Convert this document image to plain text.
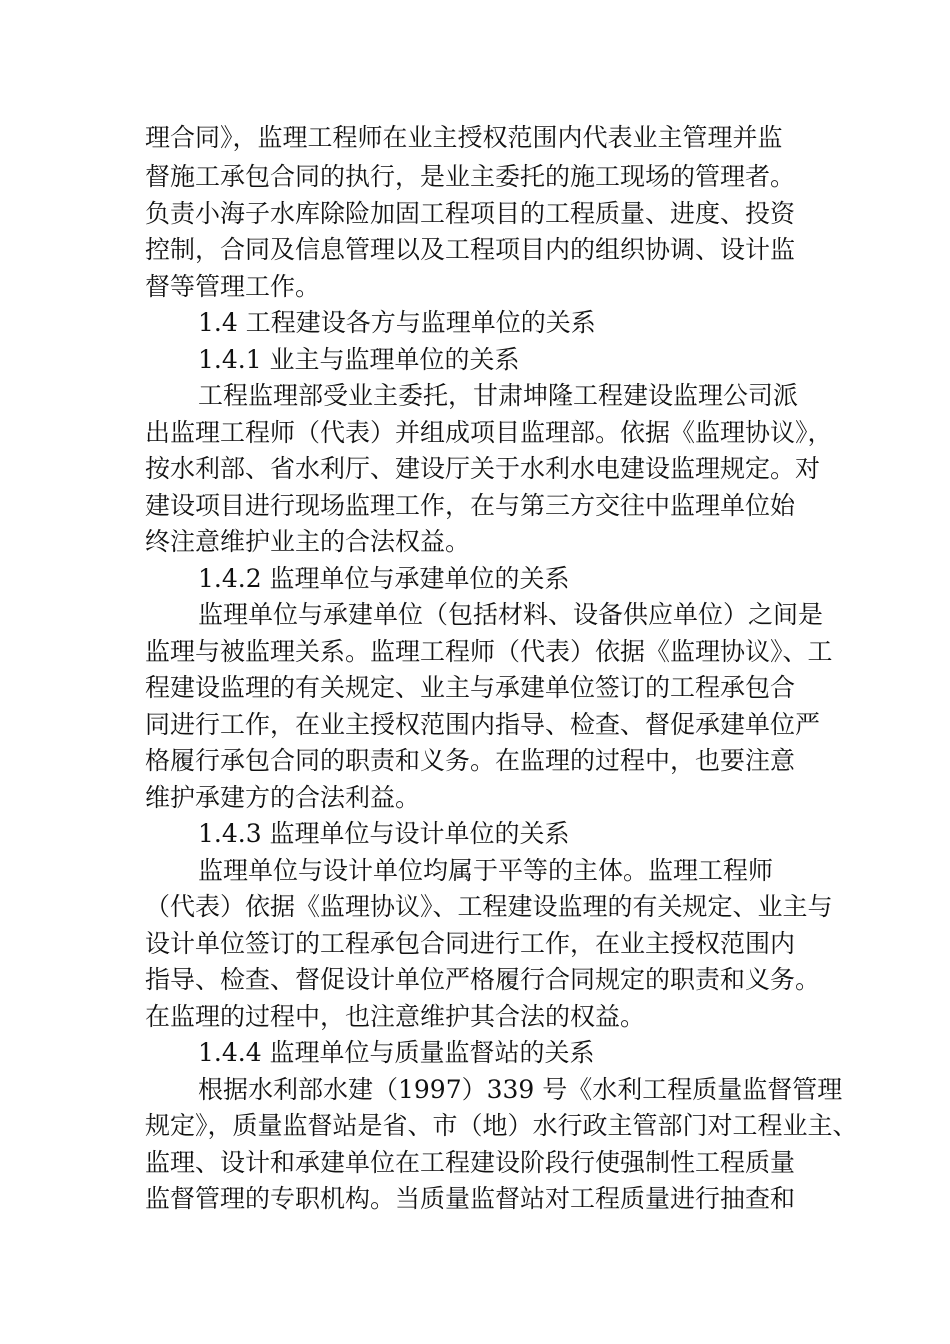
理合同》，监理工程师在业主授权范围内代表业主管理并监
督施工承包合同的执行，是业主委托的施工现场的管理者。
负责小海子水库除险加固工程项目的工程质量、进度、投资
控制，合同及信息管理以及工程项目内的组织协调、设计监
督等管理工作。
1.4 工程建设各方与监理单位的关系
1.4.1 业主与监理单位的关系
工程监理部受业主委托，甘肃坤隆工程建设监理公司派
出监理工程师（代表）并组成项目监理部。依据《监理协议》，
按水利部、省水利厅、建设厅关于水利水电建设监理规定。对
建设项目进行现场监理工作，在与第三方交往中监理单位始
终注意维护业主的合法权益。
1.4.2 监理单位与承建单位的关系
监理单位与承建单位（包括材料、设备供应单位）之间是
监理与被监理关系。监理工程师（代表）依据《监理协议》、工
程建设监理的有关规定、业主与承建单位签订的工程承包合
同进行工作，在业主授权范围内指导、检查、督促承建单位严
格履行承包合同的职责和义务。在监理的过程中，也要注意
维护承建方的合法利益。
1.4.3 监理单位与设计单位的关系
监理单位与设计单位均属于平等的主体。监理工程师
（代表）依据《监理协议》、工程建设监理的有关规定、业主与
设计单位签订的工程承包合同进行工作，在业主授权范围内
指导、检查、督促设计单位严格履行合同规定的职责和义务。
在监理的过程中，也注意维护其合法的权益。
1.4.4 监理单位与质量监督站的关系
根据水利部水建（1997）339 号《水利工程质量监督管理
规定》，质量监督站是省、市（地）水行政主管部门对工程业主、
监理、设计和承建单位在工程建设阶段行使强制性工程质量
监督管理的专职机构。当质量监督站对工程质量进行抽查和
